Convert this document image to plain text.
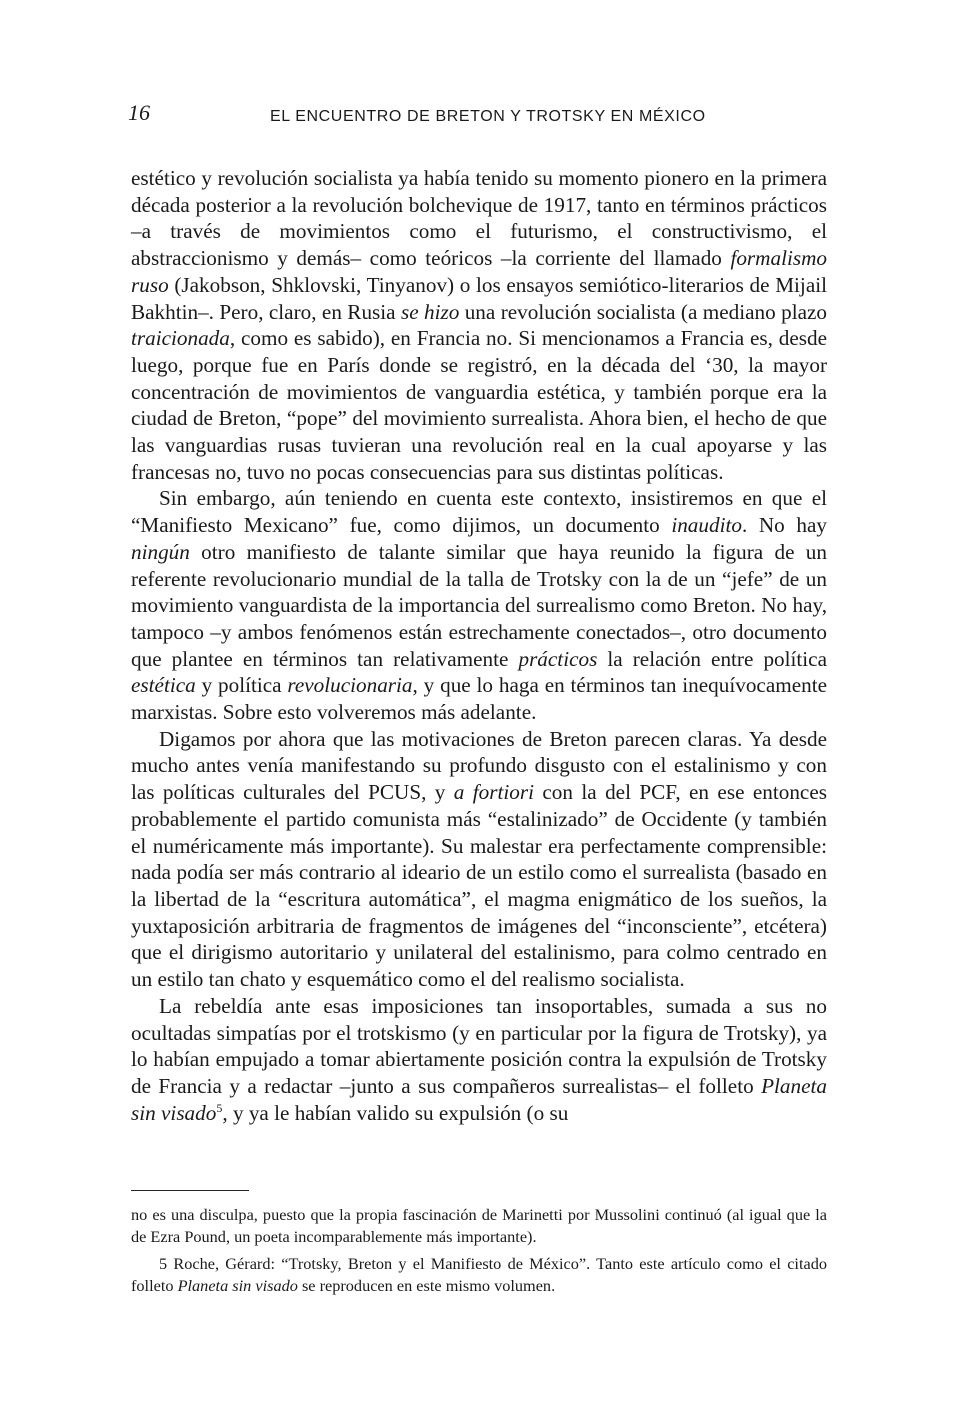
16	EL ENCUENTRO DE BRETON Y TROTSKY EN MÉXICO

estético y revolución socialista ya había tenido su momento pionero en la primera década posterior a la revolución bolchevique de 1917, tanto en términos prácticos –a través de movimientos como el futurismo, el constructivismo, el abstraccionismo y demás– como teóricos –la corriente del llamado formalismo ruso (Jakobson, Shklovski, Tinyanov) o los ensayos semiótico-literarios de Mijail Bakhtin–. Pero, claro, en Rusia se hizo una revolución socialista (a mediano plazo traicionada, como es sabido), en Francia no. Si mencionamos a Francia es, desde luego, porque fue en París donde se registró, en la década del ‘30, la mayor concentración de movimientos de vanguardia estética, y también porque era la ciudad de Breton, “pope” del movimiento surrealista. Ahora bien, el hecho de que las vanguardias rusas tuvieran una revolución real en la cual apoyarse y las francesas no, tuvo no pocas consecuencias para sus distintas políticas.

Sin embargo, aún teniendo en cuenta este contexto, insistiremos en que el “Manifiesto Mexicano” fue, como dijimos, un documento inaudito. No hay ningún otro manifiesto de talante similar que haya reunido la figura de un referente revolucionario mundial de la talla de Trotsky con la de un “jefe” de un movimiento vanguardista de la importancia del surrealismo como Breton. No hay, tampoco –y ambos fenómenos están estrechamente conectados–, otro documento que plantee en términos tan relativamente prácticos la relación entre política estética y política revolucionaria, y que lo haga en términos tan inequívocamente marxistas. Sobre esto volveremos más adelante.

Digamos por ahora que las motivaciones de Breton parecen claras. Ya desde mucho antes venía manifestando su profundo disgusto con el estalinismo y con las políticas culturales del PCUS, y a fortiori con la del PCF, en ese entonces probablemente el partido comunista más “estalinizado” de Occidente (y también el numéricamente más importante). Su malestar era perfectamente comprensible: nada podía ser más contrario al ideario de un estilo como el surrealista (basado en la libertad de la “escritura automática”, el magma enigmático de los sueños, la yuxtaposición arbitraria de fragmentos de imágenes del “inconsciente”, etcétera) que el dirigismo autoritario y unilateral del estalinismo, para colmo centrado en un estilo tan chato y esquemático como el del realismo socialista.

La rebeldía ante esas imposiciones tan insoportables, sumada a sus no ocultadas simpatías por el trotskismo (y en particular por la figura de Trotsky), ya lo habían empujado a tomar abiertamente posición contra la expulsión de Trotsky de Francia y a redactar –junto a sus compañeros surrealistas– el folleto Planeta sin visado$^5$, y ya le habían valido su expulsión (o su

no es una disculpa, puesto que la propia fascinación de Marinetti por Mussolini continuó (al igual que la de Ezra Pound, un poeta incomparablemente más importante).

5 Roche, Gérard: “Trotsky, Breton y el Manifiesto de México”. Tanto este artículo como el citado folleto Planeta sin visado se reproducen en este mismo volumen.
